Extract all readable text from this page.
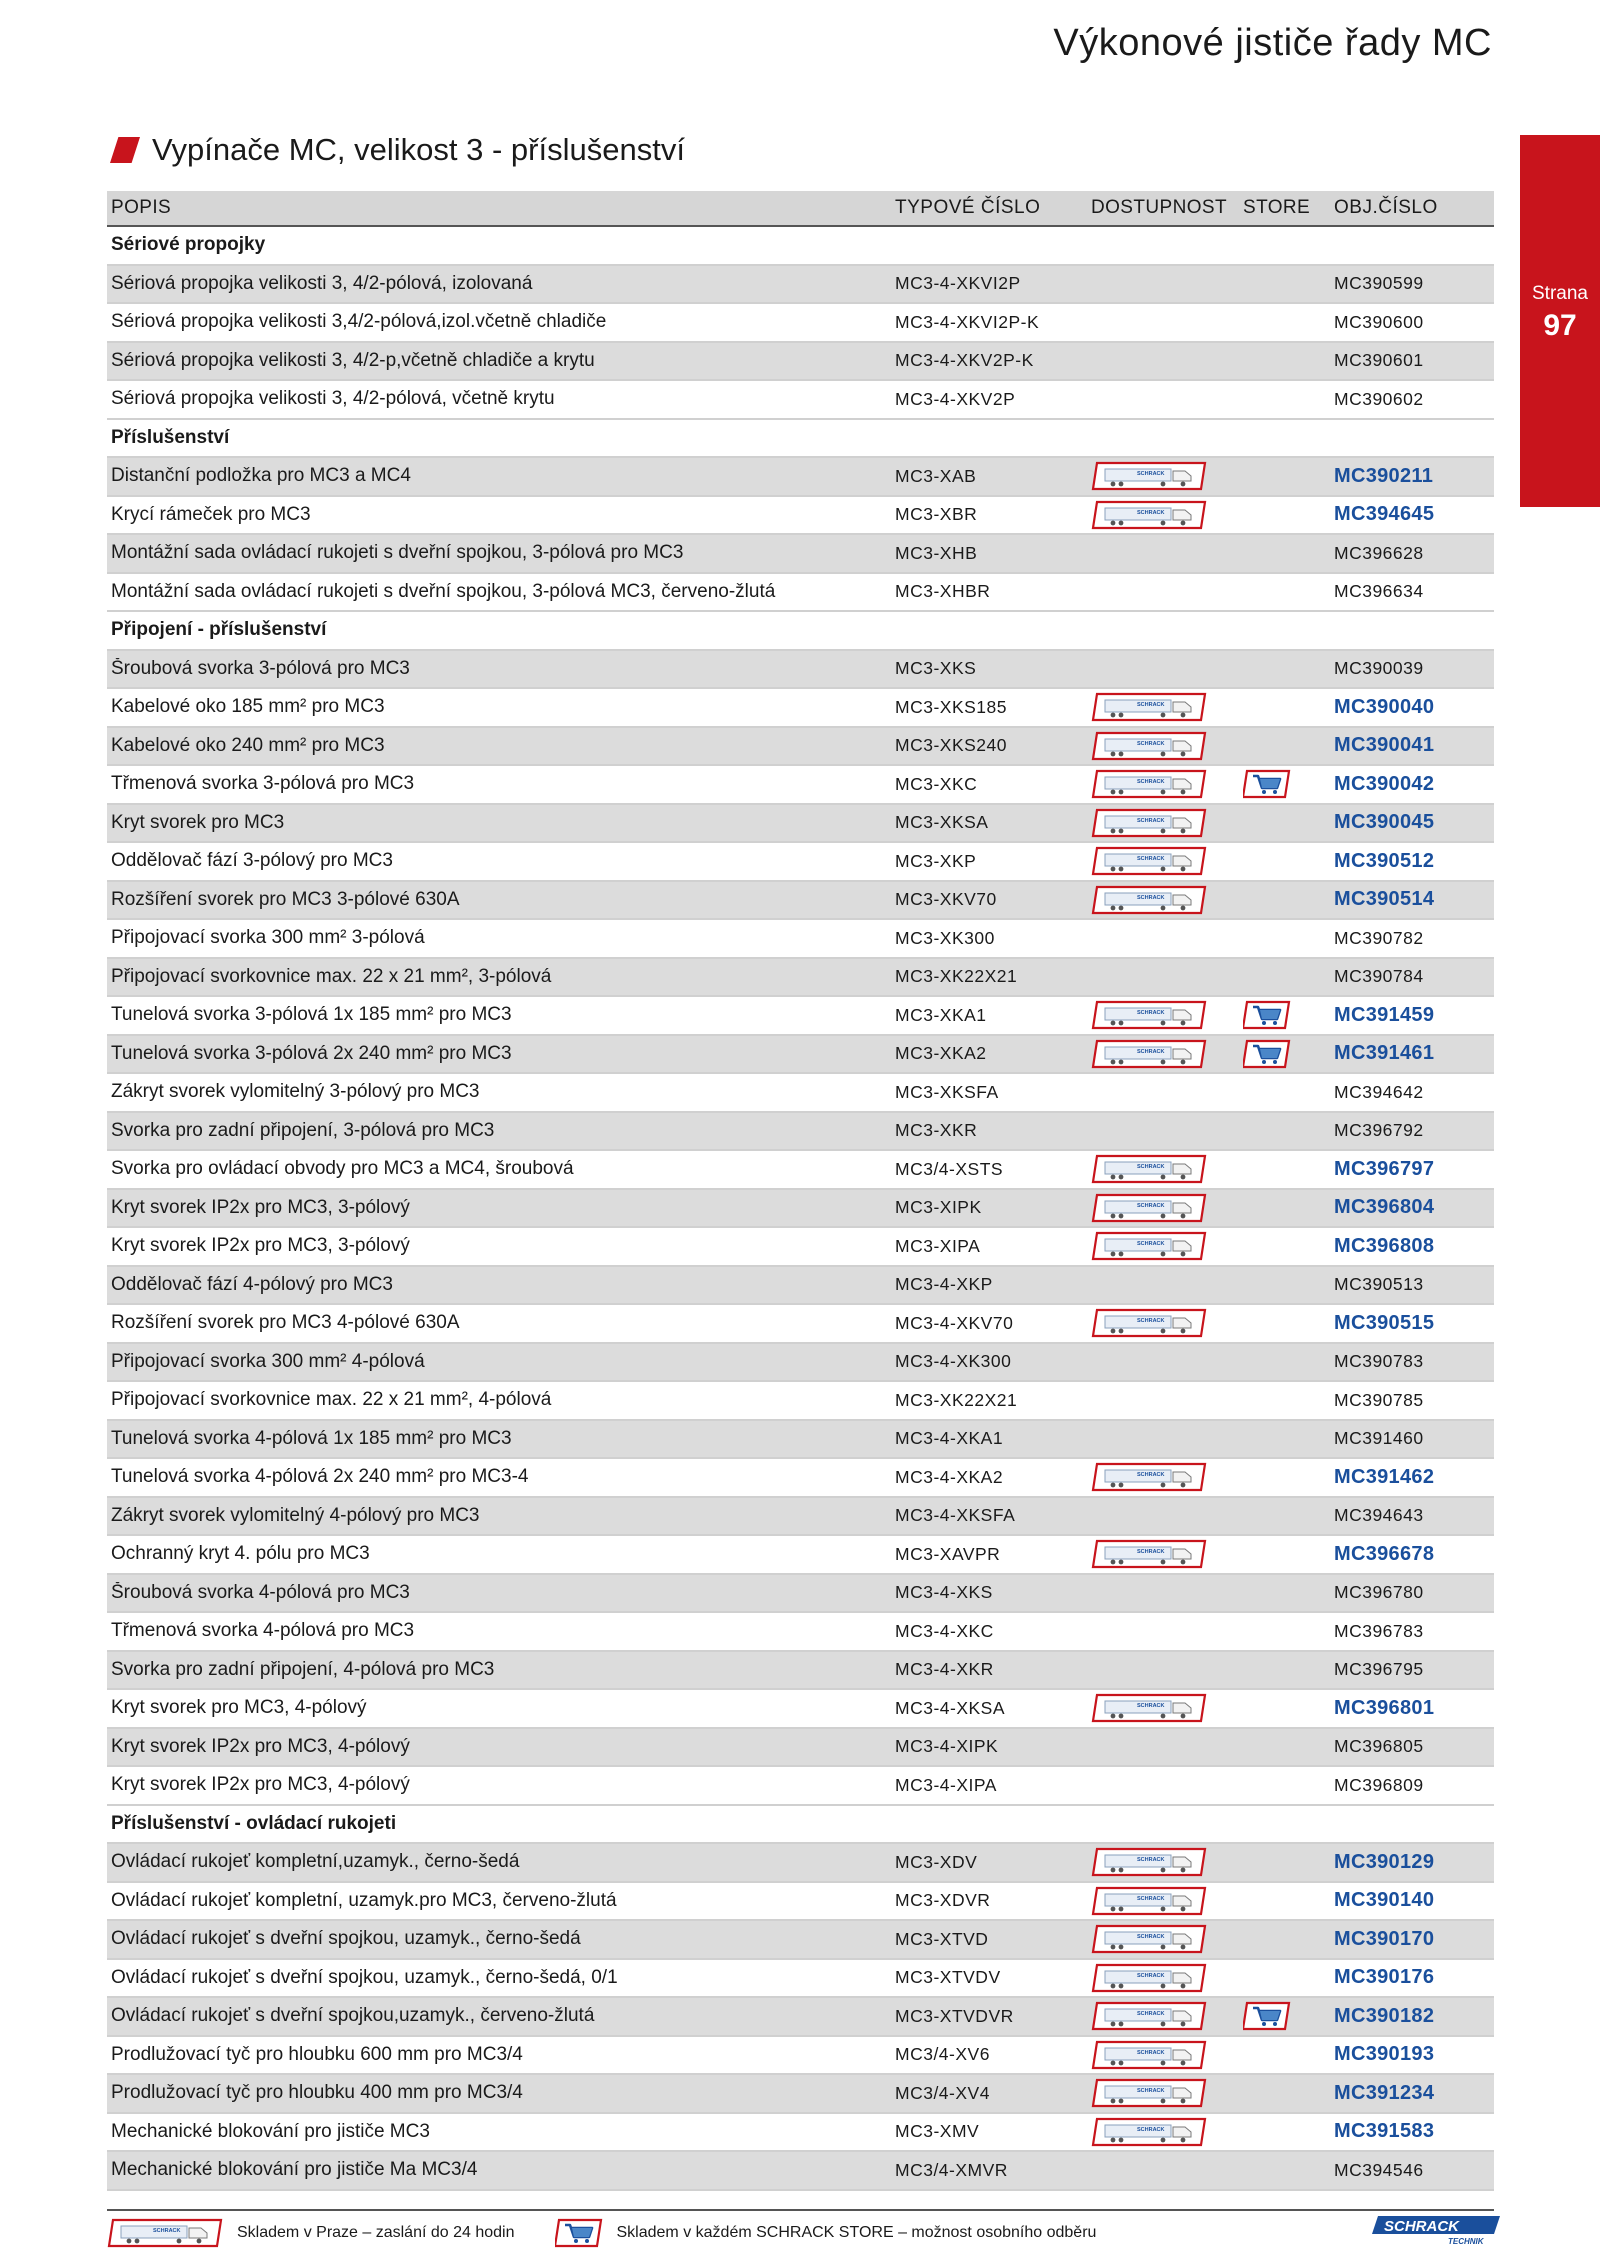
Výkonové jističe řady MC
Strana
97
Vypínače MC, velikost 3 - příslušenství
POPIS	TYPOVÉ ČÍSLO	DOSTUPNOST STORE	OBJ.ČÍSLO
Sériové propojky
Sériová propojka velikosti 3, 4/2-pólová, izolovaná	MC3-4-XKVI2P	MC390599
Sériová propojka velikosti 3,4/2-pólová,izol.včetně chladiče	MC3-4-XKVI2P-K	MC390600
Sériová propojka velikosti 3, 4/2-p,včetně chladiče a krytu	MC3-4-XKV2P-K	MC390601
Sériová propojka velikosti 3, 4/2-pólová, včetně krytu	MC3-4-XKV2P	MC390602
Příslušenství
Distanční podložka pro MC3 a MC4	MC3-XAB	SCHRACK	MC390211
Krycí rámeček pro MC3	MC3-XBR	SCHRACK	MC394645
Montážní sada ovládací rukojeti s dveřní spojkou, 3-pólová pro MC3	MC3-XHB	MC396628
Montážní sada ovládací rukojeti s dveřní spojkou, 3-pólová MC3, červeno-žlutá	MC3-XHBR	MC396634
Připojení - příslušenství
Šroubová svorka 3-pólová pro MC3	MC3-XKS	MC390039
Kabelové oko 185 mm² pro MC3	MC3-XKS185	SCHRACK	MC390040
Kabelové oko 240 mm² pro MC3	MC3-XKS240	SCHRACK	MC390041
Třmenová svorka 3-pólová pro MC3	MC3-XKC	SCHRACK	MC390042
Kryt svorek pro MC3	MC3-XKSA	SCHRACK	MC390045
Oddělovač fází 3-pólový pro MC3	MC3-XKP	SCHRACK	MC390512
Rozšíření svorek pro MC3 3-pólové 630A	MC3-XKV70	SCHRACK	MC390514
Připojovací svorka 300 mm² 3-pólová	MC3-XK300	MC390782
Připojovací svorkovnice max. 22 x 21 mm², 3-pólová	MC3-XK22X21	MC390784
Tunelová svorka 3-pólová 1x 185 mm² pro MC3	MC3-XKA1	SCHRACK	MC391459
Tunelová svorka 3-pólová 2x 240 mm² pro MC3	MC3-XKA2	SCHRACK	MC391461
Zákryt svorek vylomitelný 3-pólový pro MC3	MC3-XKSFA	MC394642
Svorka pro zadní připojení, 3-pólová pro MC3	MC3-XKR	MC396792
Svorka pro ovládací obvody pro MC3 a MC4, šroubová	MC3/4-XSTS	SCHRACK	MC396797
Kryt svorek IP2x pro MC3, 3-pólový	MC3-XIPK	SCHRACK	MC396804
Kryt svorek IP2x pro MC3, 3-pólový	MC3-XIPA	SCHRACK	MC396808
Oddělovač fází 4-pólový pro MC3	MC3-4-XKP	MC390513
Rozšíření svorek pro MC3 4-pólové 630A	MC3-4-XKV70	SCHRACK	MC390515
Připojovací svorka 300 mm² 4-pólová	MC3-4-XK300	MC390783
Připojovací svorkovnice max. 22 x 21 mm², 4-pólová	MC3-XK22X21	MC390785
Tunelová svorka 4-pólová 1x 185 mm² pro MC3	MC3-4-XKA1	MC391460
Tunelová svorka 4-pólová 2x 240 mm² pro MC3-4	MC3-4-XKA2	SCHRACK	MC391462
Zákryt svorek vylomitelný 4-pólový pro MC3	MC3-4-XKSFA	MC394643
Ochranný kryt 4. pólu pro MC3	MC3-XAVPR	SCHRACK	MC396678
Šroubová svorka 4-pólová pro MC3	MC3-4-XKS	MC396780
Třmenová svorka 4-pólová pro MC3	MC3-4-XKC	MC396783
Svorka pro zadní připojení, 4-pólová pro MC3	MC3-4-XKR	MC396795
Kryt svorek pro MC3, 4-pólový	MC3-4-XKSA	SCHRACK	MC396801
Kryt svorek IP2x pro MC3, 4-pólový	MC3-4-XIPK	MC396805
Kryt svorek IP2x pro MC3, 4-pólový	MC3-4-XIPA	MC396809
Příslušenství - ovládací rukojeti
Ovládací rukojeť kompletní,uzamyk., černo-šedá	MC3-XDV	SCHRACK	MC390129
Ovládací rukojeť kompletní, uzamyk.pro MC3, červeno-žlutá	MC3-XDVR	SCHRACK	MC390140
Ovládací rukojeť s dveřní spojkou, uzamyk., černo-šedá	MC3-XTVD	SCHRACK	MC390170
Ovládací rukojeť s dveřní spojkou, uzamyk., černo-šedá, 0/1	MC3-XTVDV	SCHRACK	MC390176
Ovládací rukojeť s dveřní spojkou,uzamyk., červeno-žlutá	MC3-XTVDVR	SCHRACK	MC390182
Prodlužovací tyč pro hloubku 600 mm pro MC3/4	MC3/4-XV6	SCHRACK	MC390193
Prodlužovací tyč pro hloubku 400 mm pro MC3/4	MC3/4-XV4	SCHRACK	MC391234
Mechanické blokování pro jističe MC3	MC3-XMV	SCHRACK	MC391583
Mechanické blokování pro jističe Ma MC3/4	MC3/4-XMVR	MC394546
SCHRACK	Skladem v Praze – zaslání do 24 hodin	Skladem v každém SCHRACK STORE – možnost osobního odběru	SCHRACK
TECHNIK
